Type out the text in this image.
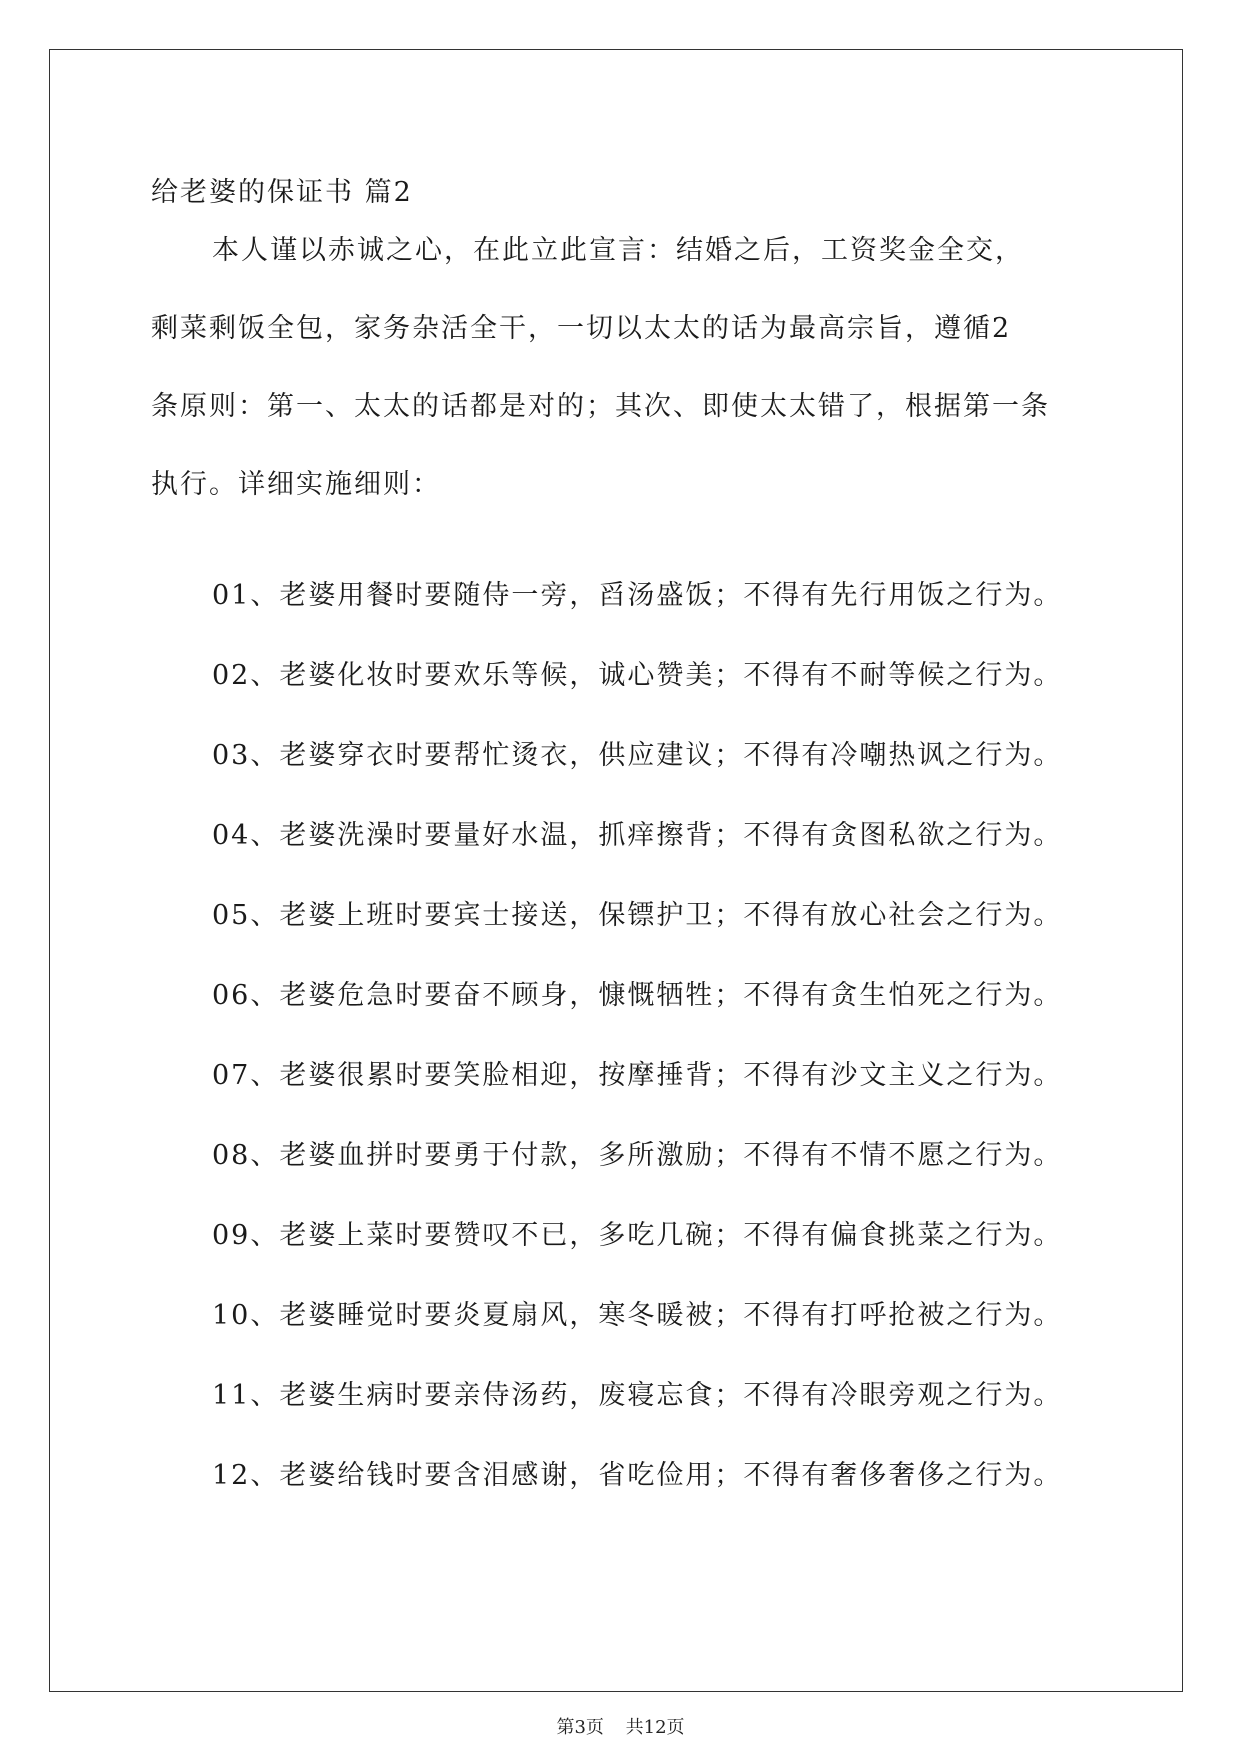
给老婆的保证书 篇2
本人谨以赤诚之心，在此立此宣言：结婚之后，工资奖金全交，
剩菜剩饭全包，家务杂活全干，一切以太太的话为最高宗旨，遵循2
条原则：第一、太太的话都是对的；其次、即使太太错了，根据第一条
执行。详细实施细则：
01、老婆用餐时要随侍一旁，舀汤盛饭；不得有先行用饭之行为。
02、老婆化妆时要欢乐等候，诚心赞美；不得有不耐等候之行为。
03、老婆穿衣时要帮忙烫衣，供应建议；不得有冷嘲热讽之行为。
04、老婆洗澡时要量好水温，抓痒擦背；不得有贪图私欲之行为。
05、老婆上班时要宾士接送，保镖护卫；不得有放心社会之行为。
06、老婆危急时要奋不顾身，慷慨牺牲；不得有贪生怕死之行为。
07、老婆很累时要笑脸相迎，按摩捶背；不得有沙文主义之行为。
08、老婆血拼时要勇于付款，多所激励；不得有不情不愿之行为。
09、老婆上菜时要赞叹不已，多吃几碗；不得有偏食挑菜之行为。
10、老婆睡觉时要炎夏扇风，寒冬暖被；不得有打呼抢被之行为。
11、老婆生病时要亲侍汤药，废寝忘食；不得有冷眼旁观之行为。
12、老婆给钱时要含泪感谢，省吃俭用；不得有奢侈奢侈之行为。
第3页 共12页
